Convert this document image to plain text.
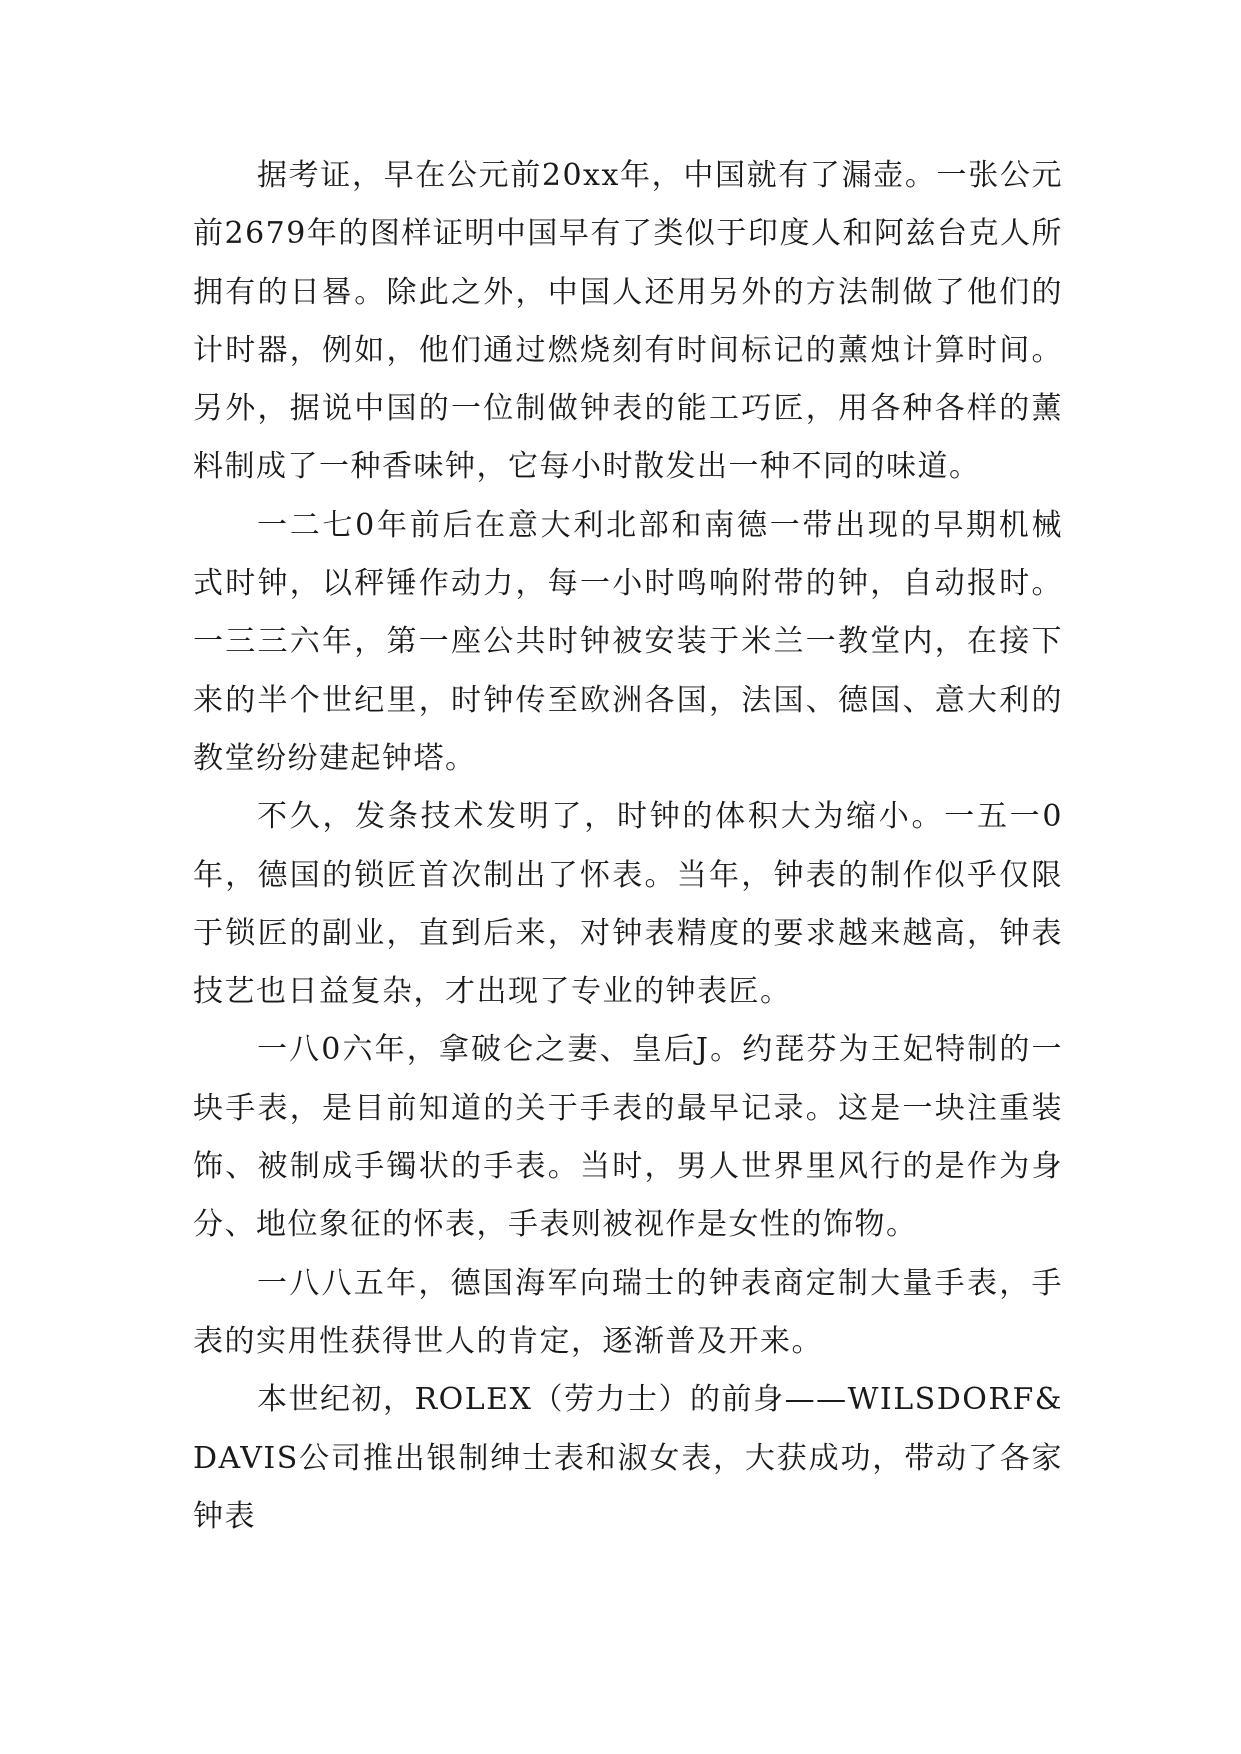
据考证，早在公元前20xx年，中国就有了漏壶。一张公元前2679年的图样证明中国早有了类似于印度人和阿兹台克人所拥有的日晷。除此之外，中国人还用另外的方法制做了他们的计时器，例如，他们通过燃烧刻有时间标记的薰烛计算时间。另外，据说中国的一位制做钟表的能工巧匠，用各种各样的薰料制成了一种香味钟，它每小时散发出一种不同的味道。

一二七0年前后在意大利北部和南德一带出现的早期机械式时钟，以秤锤作动力，每一小时鸣响附带的钟，自动报时。一三三六年，第一座公共时钟被安装于米兰一教堂内，在接下来的半个世纪里，时钟传至欧洲各国，法国、德国、意大利的教堂纷纷建起钟塔。

不久，发条技术发明了，时钟的体积大为缩小。一五一0年，德国的锁匠首次制出了怀表。当年，钟表的制作似乎仅限于锁匠的副业，直到后来，对钟表精度的要求越来越高，钟表技艺也日益复杂，才出现了专业的钟表匠。

一八0六年，拿破仑之妻、皇后J。约琵芬为王妃特制的一块手表，是目前知道的关于手表的最早记录。这是一块注重装饰、被制成手镯状的手表。当时，男人世界里风行的是作为身分、地位象征的怀表，手表则被视作是女性的饰物。

一八八五年，德国海军向瑞士的钟表商定制大量手表，手表的实用性获得世人的肯定，逐渐普及开来。

本世纪初，ROLEX（劳力士）的前身——WILSDORF&DAVIS公司推出银制绅士表和淑女表，大获成功，带动了各家钟表
